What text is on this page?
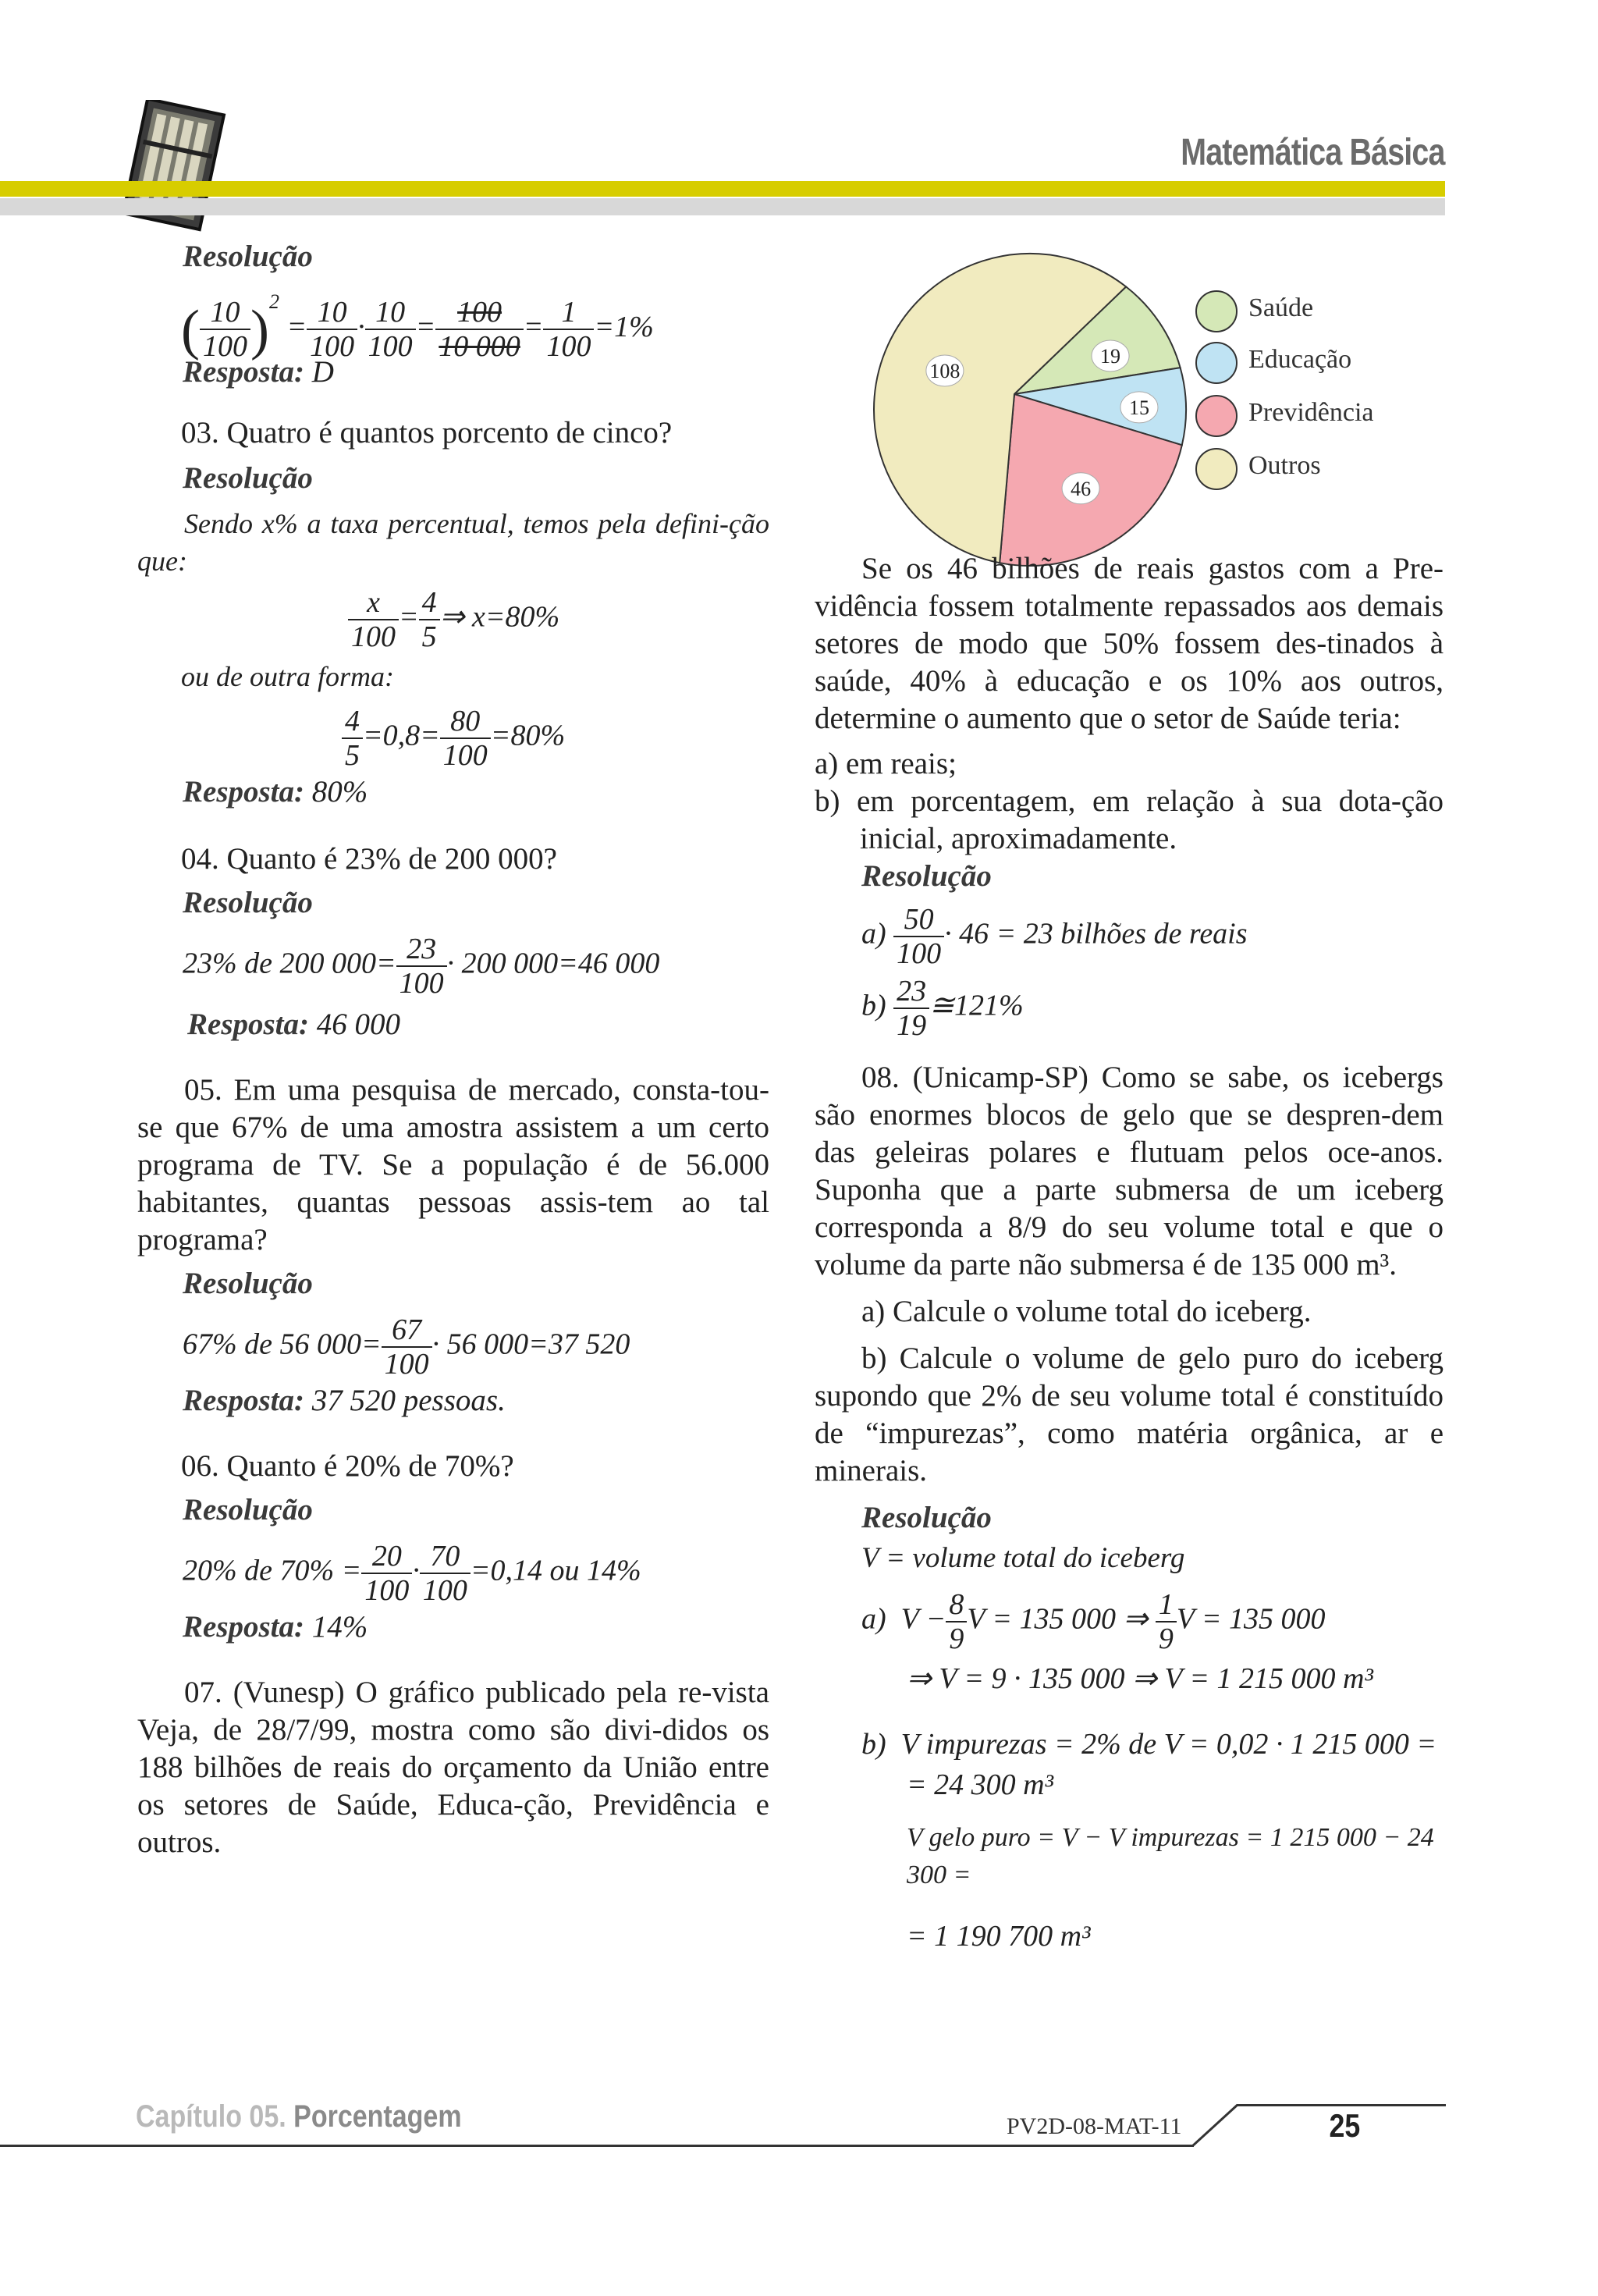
Matemática Básica
Resolução
( $\frac{10}{100} )^2 = \frac{10}{100} \cdot \frac{10}{100} = \frac{100}{10 000} = \frac{1}{100} =1\%$
Resposta: D
03. Quatro é quantos porcento de cinco?
Resolução
Sendo x% a taxa percentual, temos pela defini-ção que:
$\frac{x}{100} = \frac{4}{5}$ ⇒ x=80%
ou de outra forma:
$\frac{4}{5} =0,8= \frac{80}{100} =80\%$
Resposta: 80%
04. Quanto é 23% de 200 000?
Resolução
23% de 200 $000= \frac{23}{100} \cdot 200$ 000=46 000
Resposta: 46 000
05. Em uma pesquisa de mercado, consta-tou-se que 67% de uma amostra assistem a um certo programa de TV. Se a população é de 56.000 habitantes, quantas pessoas assis-tem ao tal programa?
Resolução
67% de 56 $000= \frac{67}{100} \cdot 56$ 000=37 520
Resposta: 37 520 pessoas.
06. Quanto é 20% de 70%?
Resolução
20% de $70\% = \frac{20}{100} \cdot \frac{70}{100} =0,14$ ou 14%
Resposta: 14%
07. (Vunesp) O gráfico publicado pela re-vista Veja, de 28/7/99, mostra como são divi-didos os 188 bilhões de reais do orçamento da União entre os setores de Saúde, Educa-ção, Previdência e outros.
19
15
46
108
Saúde
Educação
Previdência
Outros
Se os 46 bilhões de reais gastos com a Pre-vidência fossem totalmente repassados aos demais setores de modo que 50% fossem des-tinados à saúde, 40% à educação e os 10% aos outros, determine o aumento que o setor de Saúde teria:
a) em reais;
b) em porcentagem, em relação à sua dota-ção inicial, aproximadamente.
Resolução
$a) \frac{50}{100} \cdot 46 = 23$ bilhões de reais
$b) \frac{23}{19}$ ≅121%
08. (Unicamp-SP) Como se sabe, os icebergs são enormes blocos de gelo que se despren-dem das geleiras polares e flutuam pelos oce-anos. Suponha que a parte submersa de um iceberg corresponda a 8/9 do seu volume total e que o volume da parte não submersa é de 135 000 m³.
a) Calcule o volume total do iceberg.
b) Calcule o volume de gelo puro do iceberg supondo que 2% de seu volume total é constituído de “impurezas”, como matéria orgânica, ar e minerais.
Resolução
V = volume total do iceberg
a) $V - \frac{8}{9}$ V = 135 000 ⇒ $\frac{1}{9}$ V = 135 000
⇒ V = 9 · 135 000 ⇒ V = 1 215 000 m³
b) V impurezas = 2% de V = 0,02 · 1 215 000 =
= 24 300 m³
V gelo puro = V − V impurezas = 1 215 000 − 24 300 =
= 1 190 700 m³
Capítulo 05. Porcentagem	PV2D-08-MAT-11	25
